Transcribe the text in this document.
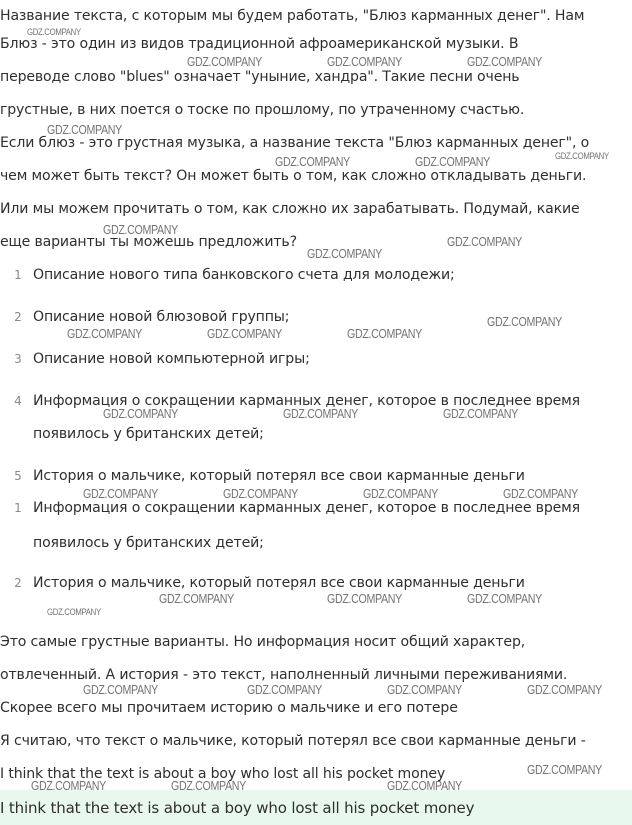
Название текста, с которым мы будем работать, "Блюз карманных денег". Нам

Блюз - это один из видов традиционной афроамериканской музыки. В

переводе слово "blues" означает "уныние, хандра". Такие песни очень

грустные, в них поется о тоске по прошлому, по утраченному счастью.

Если блюз - это грустная музыка, а название текста "Блюз карманных денег", о

чем может быть текст? Он может быть о том, как сложно откладывать деньги.

Или мы можем прочитать о том, как сложно их зарабатывать. Подумай, какие

еще варианты ты можешь предложить?

1 Описание нового типа банковского счета для молодежи;
2 Описание новой блюзовой группы;
3 Описание новой компьютерной игры;
4 Информация о сокращении карманных денег, которое в последнее время
появилось у британских детей;
5 История о мальчике, который потерял все свои карманные деньги
1 Информация о сокращении карманных денег, которое в последнее время
появилось у британских детей;
2 История о мальчике, который потерял все свои карманные деньги

Это самые грустные варианты. Но информация носит общий характер,

отвлеченный. А история - это текст, наполненный личными переживаниями.

Скорее всего мы прочитаем историю о мальчике и его потере

Я считаю, что текст о мальчике, который потерял все свои карманные деньги -

I think that the text is about a boy who lost all his pocket money

I think that the text is about a boy who lost all his pocket money
GDZ.COMPANY
GDZ.COMPANY	GDZ.COMPANY	GDZ.COMPANY
GDZ.COMPANY
GDZ.COMPANY	GDZ.COMPANY	GDZ.COMPANY
GDZ.COMPANY
GDZ.COMPANY
GDZ.COMPANY
GDZ.COMPANY
GDZ.COMPANY	GDZ.COMPANY	GDZ.COMPANY
GDZ.COMPANY	GDZ.COMPANY	GDZ.COMPANY
GDZ.COMPANY	GDZ.COMPANY	GDZ.COMPANY	GDZ.COMPANY
GDZ.COMPANY	GDZ.COMPANY	GDZ.COMPANY
GDZ.COMPANY
GDZ.COMPANY	GDZ.COMPANY	GDZ.COMPANY	GDZ.COMPANY
GDZ.COMPANY
GDZ.COMPANY	GDZ.COMPANY	GDZ.COMPANY
